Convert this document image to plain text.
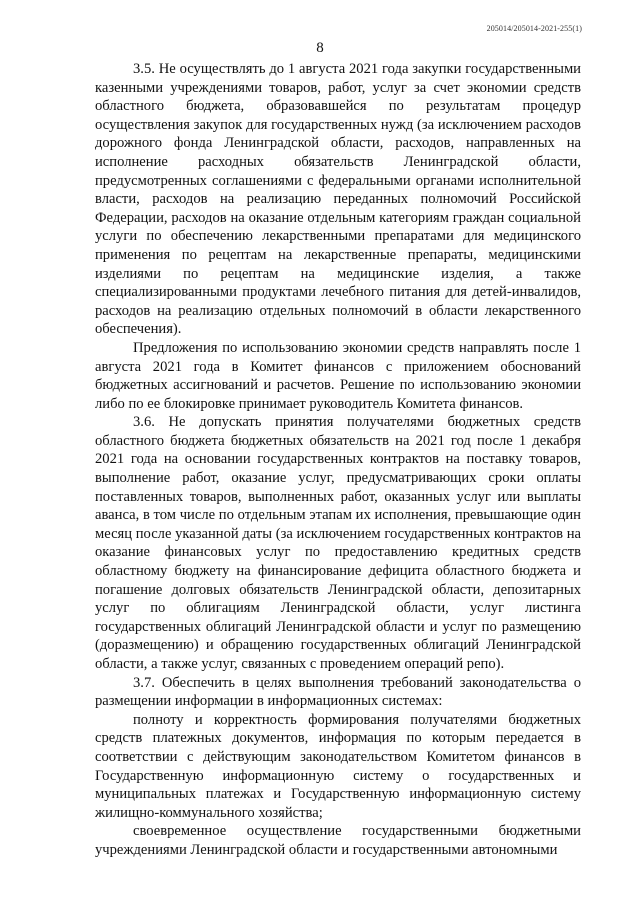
205014/205014-2021-255(1)
8

3.5. Не осуществлять до 1 августа 2021 года закупки государственными казенными учреждениями товаров, работ, услуг за счет экономии средств областного бюджета, образовавшейся по результатам процедур осуществления закупок для государственных нужд (за исключением расходов дорожного фонда Ленинградской области, расходов, направленных на исполнение расходных обязательств Ленинградской области, предусмотренных соглашениями с федеральными органами исполнительной власти, расходов на реализацию переданных полномочий Российской Федерации, расходов на оказание отдельным категориям граждан социальной услуги по обеспечению лекарственными препаратами для медицинского применения по рецептам на лекарственные препараты, медицинскими изделиями по рецептам на медицинские изделия, а также специализированными продуктами лечебного питания для детей-инвалидов, расходов на реализацию отдельных полномочий в области лекарственного обеспечения).

Предложения по использованию экономии средств направлять после 1 августа 2021 года в Комитет финансов с приложением обоснований бюджетных ассигнований и расчетов. Решение по использованию экономии либо по ее блокировке принимает руководитель Комитета финансов.

3.6. Не допускать принятия получателями бюджетных средств областного бюджета бюджетных обязательств на 2021 год после 1 декабря 2021 года на основании государственных контрактов на поставку товаров, выполнение работ, оказание услуг, предусматривающих сроки оплаты поставленных товаров, выполненных работ, оказанных услуг или выплаты аванса, в том числе по отдельным этапам их исполнения, превышающие один месяц после указанной даты (за исключением государственных контрактов на оказание финансовых услуг по предоставлению кредитных средств областному бюджету на финансирование дефицита областного бюджета и погашение долговых обязательств Ленинградской области, депозитарных услуг по облигациям Ленинградской области, услуг листинга государственных облигаций Ленинградской области и услуг по размещению (доразмещению) и обращению государственных облигаций Ленинградской области, а также услуг, связанных с проведением операций репо).

3.7. Обеспечить в целях выполнения требований законодательства о размещении информации в информационных системах:

полноту и корректность формирования получателями бюджетных средств платежных документов, информация по которым передается в соответствии с действующим законодательством Комитетом финансов в Государственную информационную систему о государственных и муниципальных платежах и Государственную информационную систему жилищно-коммунального хозяйства;

своевременное осуществление государственными бюджетными учреждениями Ленинградской области и государственными автономными
